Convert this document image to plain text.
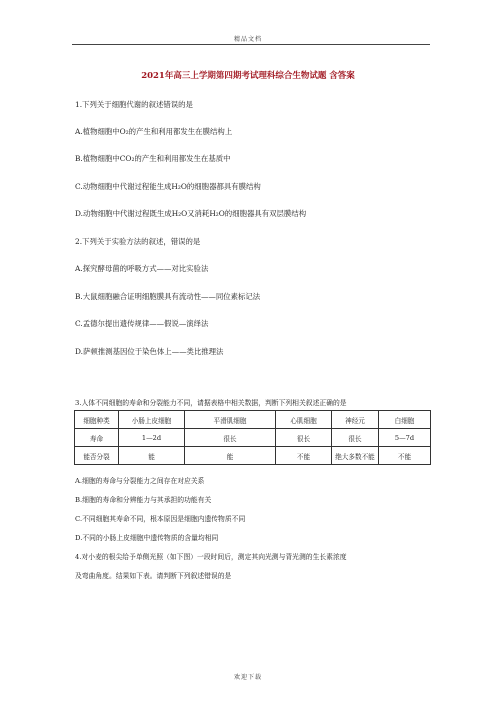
精品文档
2021年高三上学期第四期考试理科综合生物试题 含答案
1.下列关于细胞代谢的叙述错误的是
A.植物细胞中O₂的产生和利用都发生在膜结构上
B.植物细胞中CO₂的产生和利用都发生在基质中
C.动物细胞中代谢过程能生成H₂O的细胞器都具有膜结构
D.动物细胞中代谢过程既生成H₂O又消耗H₂O的细胞器具有双层膜结构
2.下列关于实验方法的叙述，错误的是
A.探究酵母菌的呼吸方式——对比实验法
B.大鼠细胞融合证明细胞膜具有流动性——同位素标记法
C.孟德尔提出遗传规律——假说—演绎法
D.萨顿推测基因位于染色体上——类比推理法
3.人体不同细胞的寿命和分裂能力不同，请据表格中相关数据，判断下列相关叙述正确的是
细胞种类	小肠上皮细胞	平滑肌细胞	心肌细胞	神经元	白细胞
寿命	1—2d	很长	很长	很长	5—7d
能否分裂	能	能	不能	绝大多数不能	不能
A.细胞的寿命与分裂能力之间存在对应关系
B.细胞的寿命和分辨能力与其承担的功能有关
C.不同细胞其寿命不同，根本原因是细胞内遗传物质不同
D.不同的小肠上皮细胞中遗传物质的含量均相同
4.对小麦的根尖给予单侧光照（如下图）一段时间后，测定其向光测与背光测的生长素浓度
及弯曲角度。结果如下表。请判断下列叙述错误的是
欢迎下载
